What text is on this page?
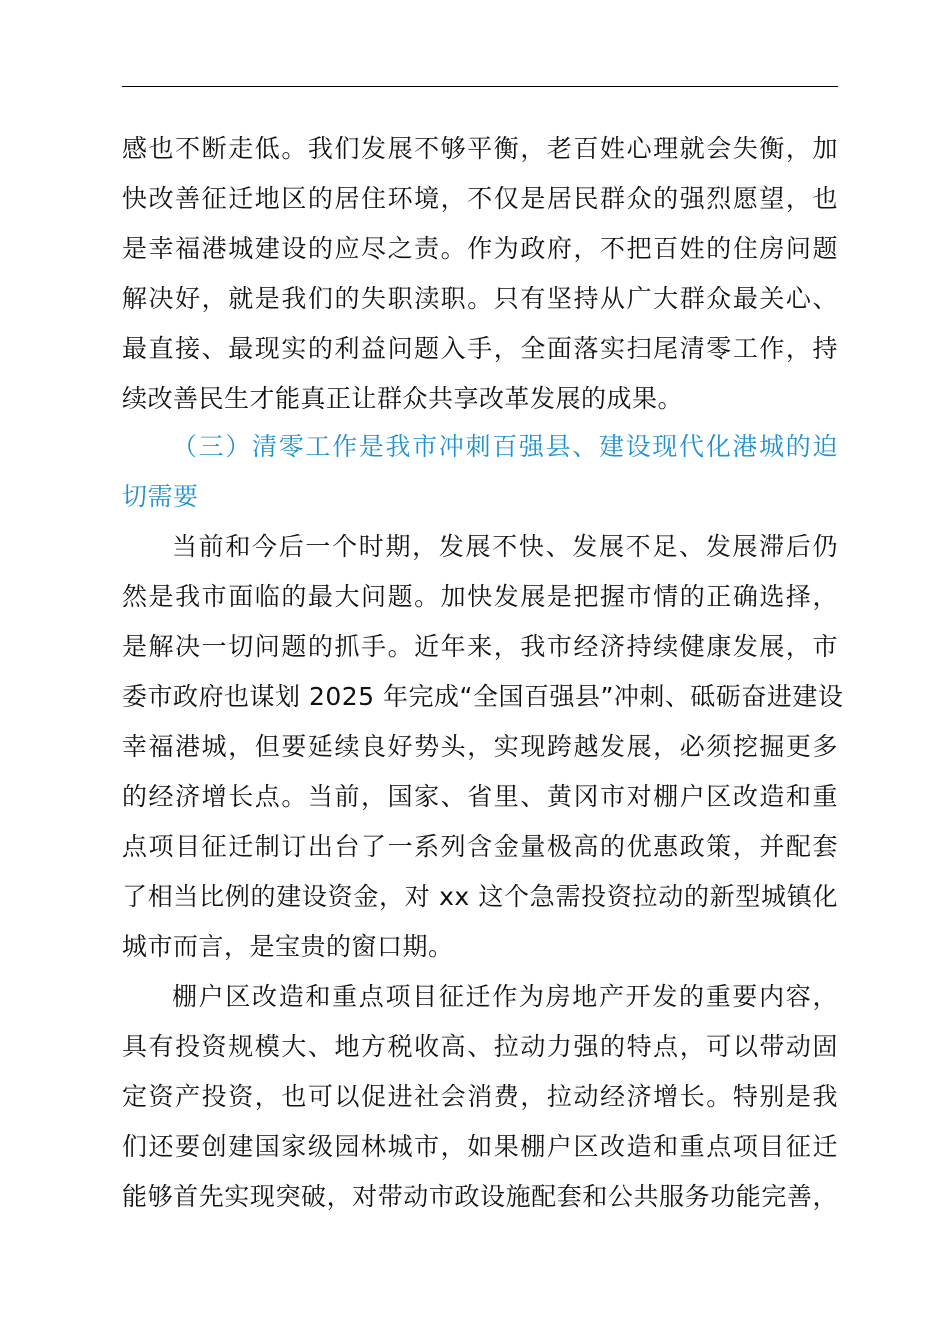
感也不断走低。我们发展不够平衡，老百姓心理就会失衡，加
快改善征迁地区的居住环境，不仅是居民群众的强烈愿望，也
是幸福港城建设的应尽之责。作为政府，不把百姓的住房问题
解决好，就是我们的失职渎职。只有坚持从广大群众最关心、
最直接、最现实的利益问题入手，全面落实扫尾清零工作，持
续改善民生才能真正让群众共享改革发展的成果。
（三）清零工作是我市冲刺百强县、建设现代化港城的迫
切需要
当前和今后一个时期，发展不快、发展不足、发展滞后仍
然是我市面临的最大问题。加快发展是把握市情的正确选择，
是解决一切问题的抓手。近年来，我市经济持续健康发展，市
委市政府也谋划 2025 年完成“全国百强县”冲刺、砥砺奋进建设
幸福港城，但要延续良好势头，实现跨越发展，必须挖掘更多
的经济增长点。当前，国家、省里、黄冈市对棚户区改造和重
点项目征迁制订出台了一系列含金量极高的优惠政策，并配套
了相当比例的建设资金，对 xx 这个急需投资拉动的新型城镇化
城市而言，是宝贵的窗口期。
棚户区改造和重点项目征迁作为房地产开发的重要内容，
具有投资规模大、地方税收高、拉动力强的特点，可以带动固
定资产投资，也可以促进社会消费，拉动经济增长。特别是我
们还要创建国家级园林城市，如果棚户区改造和重点项目征迁
能够首先实现突破，对带动市政设施配套和公共服务功能完善，
